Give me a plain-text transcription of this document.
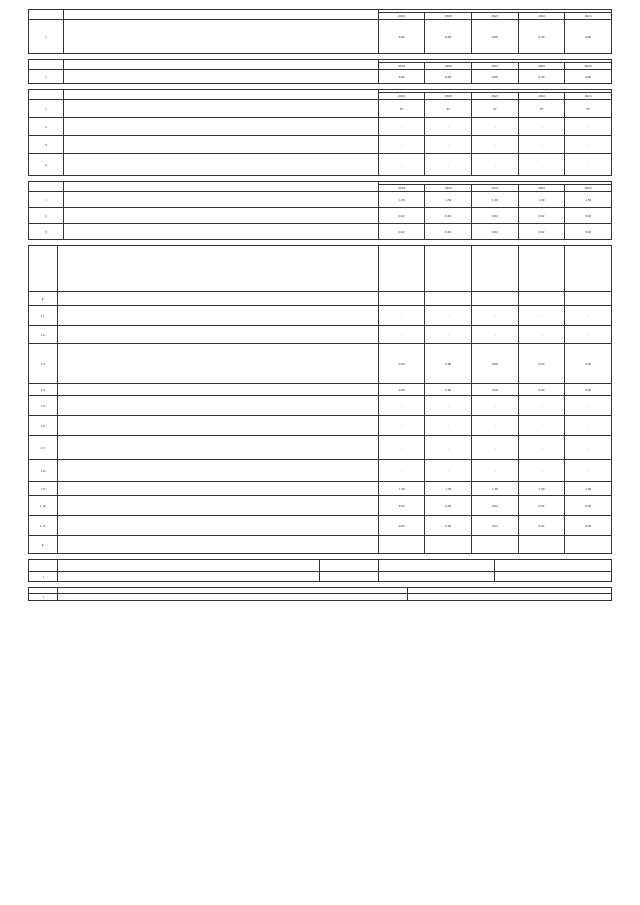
		2019	2020	2021	2022	2023
1		0,00	0,00	0,00	0,00	0,00

		2019	2020	2021	2022	2023
1		0,00	0,00	0,00	0,00	0,00

		2019	2020	2021	2022	2023
1		97	97	97	97	97
2		-	-	-	-	-
3		-	-	-	-	-
4		-	-	-	-	-

		2019	2020	2021	2022	2023
1		1,39	1,39	1,39	1,39	1,39
2		0,02	0,02	0,02	0,02	0,02
3		0,02	0,02	0,02	0,02	0,02

1.						
1.1.		-	-	-	-	-
1.2.		-	-	-	-	-
1.3.		0,00	0,00	0,00	0,00	0,00
1.4.		0,00	0,00	0,00	0,00	0,00
1.5.		-	-	-	-	-
1.6.		-	-	-	-	-
1.7.		-	-	-	-	-
1.8.		-	-	-	-	-
1.9.		1,39	1,39	1,39	1,39	1,39
1.10.		0,02	0,02	0,02	0,02	0,02
1.11.		0,02	0,02	0,02	0,02	0,02
2.						

1				

1		
